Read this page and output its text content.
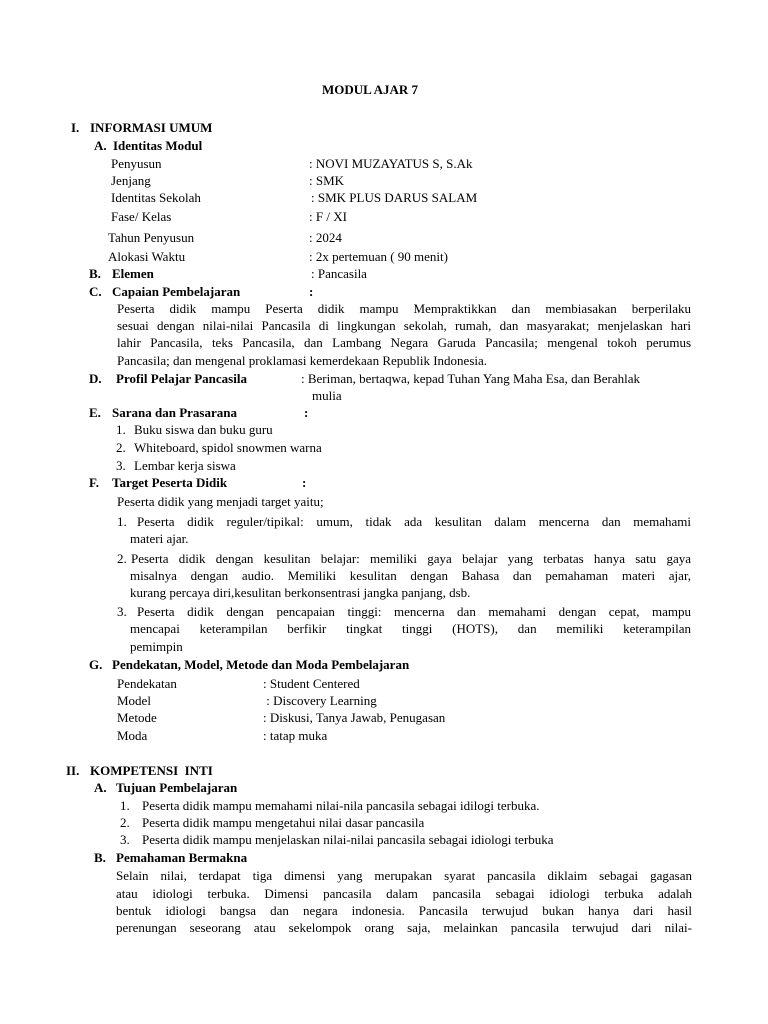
MODUL AJAR 7
I. INFORMASI UMUM
A. Identitas Modul
Penyusun	: NOVI MUZAYATUS S, S.Ak
Jenjang	: SMK
Identitas Sekolah	: SMK PLUS DARUS SALAM
Fase/ Kelas	: F / XI
Tahun Penyusun	: 2024
Alokasi Waktu	: 2x pertemuan ( 90 menit)
B. Elemen	: Pancasila
C. Capaian Pembelajaran	:
Peserta didik mampu Peserta didik mampu Mempraktikkan dan membiasakan berperilaku
sesuai dengan nilai-nilai Pancasila di lingkungan sekolah, rumah, dan masyarakat; menjelaskan hari
lahir Pancasila, teks Pancasila, dan Lambang Negara Garuda Pancasila; mengenal tokoh perumus
Pancasila; dan mengenal proklamasi kemerdekaan Republik Indonesia.
D. Profil Pelajar Pancasila	: Beriman, bertaqwa, kepad Tuhan Yang Maha Esa, dan Berahlak
mulia
E. Sarana dan Prasarana	:
1. Buku siswa dan buku guru
2. Whiteboard, spidol snowmen warna
3. Lembar kerja siswa
F. Target Peserta Didik	:
Peserta didik yang menjadi target yaitu;
1. Peserta didik reguler/tipikal: umum, tidak ada kesulitan dalam mencerna dan memahami
materi ajar.
2. Peserta didik dengan kesulitan belajar: memiliki gaya belajar yang terbatas hanya satu gaya
misalnya dengan audio. Memiliki kesulitan dengan Bahasa dan pemahaman materi ajar,
kurang percaya diri,kesulitan berkonsentrasi jangka panjang, dsb.
3. Peserta didik dengan pencapaian tinggi: mencerna dan memahami dengan cepat, mampu
mencapai keterampilan berfikir tingkat tinggi (HOTS), dan memiliki keterampilan
pemimpin
G. Pendekatan, Model, Metode dan Moda Pembelajaran
Pendekatan	: Student Centered
Model	: Discovery Learning
Metode	: Diskusi, Tanya Jawab, Penugasan
Moda	: tatap muka
II. KOMPETENSI  INTI
A. Tujuan Pembelajaran
1. Peserta didik mampu memahami nilai-nila pancasila sebagai idilogi terbuka.
2. Peserta didik mampu mengetahui nilai dasar pancasila
3. Peserta didik mampu menjelaskan nilai-nilai pancasila sebagai idiologi terbuka
B. Pemahaman Bermakna
Selain nilai, terdapat tiga dimensi yang merupakan syarat pancasila diklaim sebagai gagasan
atau idiologi terbuka. Dimensi pancasila dalam pancasila sebagai idiologi terbuka adalah
bentuk idiologi bangsa dan negara indonesia. Pancasila terwujud bukan hanya dari hasil
perenungan seseorang atau sekelompok orang saja, melainkan pancasila terwujud dari nilai-
